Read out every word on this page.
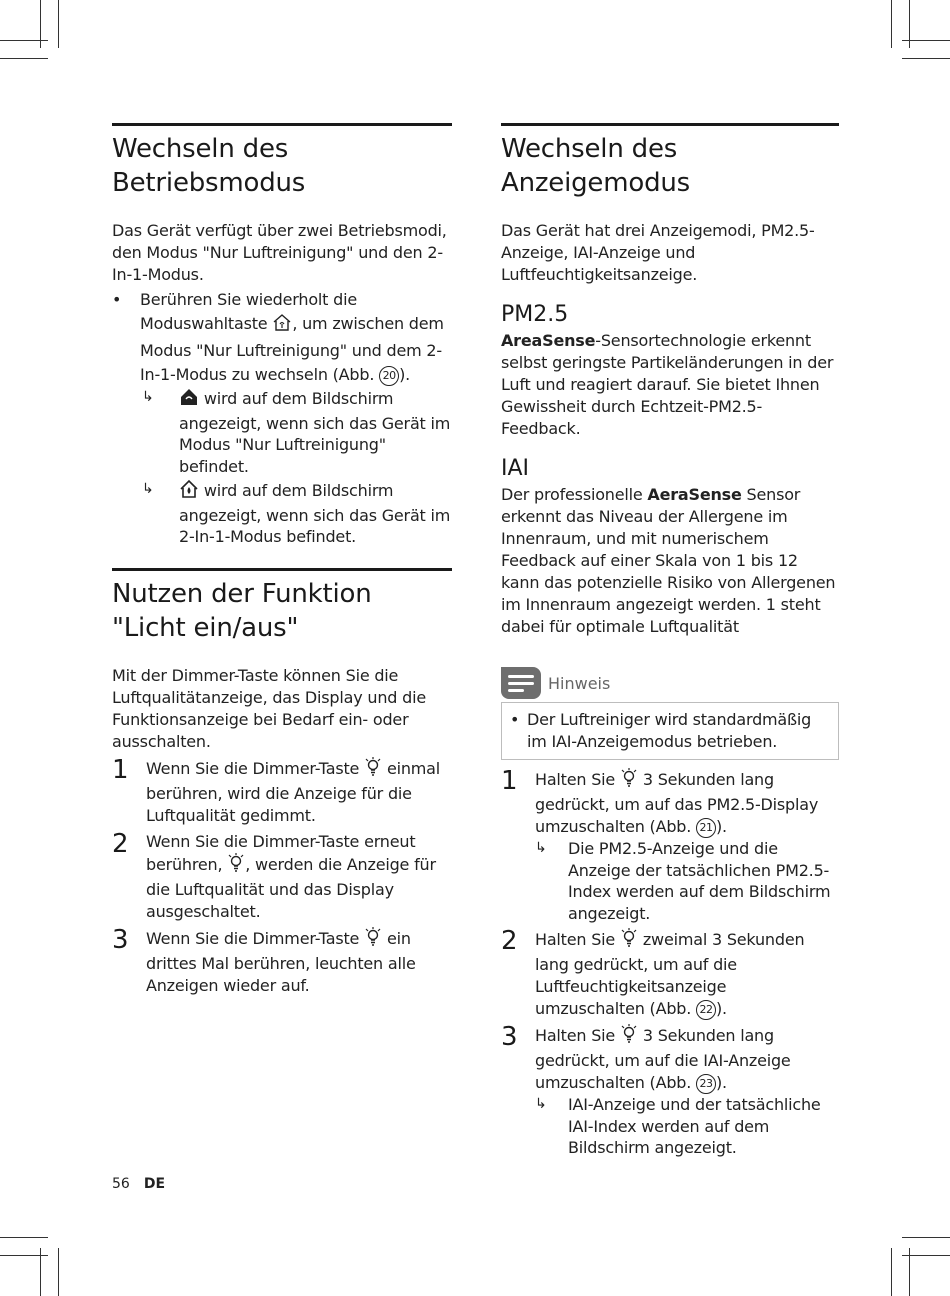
Wechseln des
Betriebsmodus

Das Gerät verfügt über zwei Betriebsmodi, den Modus "Nur Luftreinigung" und den 2-In-1-Modus.

•	Berühren Sie wiederholt die Moduswahltaste , um zwischen dem Modus "Nur Luftreinigung" und dem 2-In-1-Modus zu wechseln (Abb. 20 ).
↳	wird auf dem Bildschirm angezeigt, wenn sich das Gerät im Modus "Nur Luftreinigung" befindet.
↳	wird auf dem Bildschirm angezeigt, wenn sich das Gerät im 2-In-1-Modus befindet.
Nutzen der Funktion
"Licht ein/aus"

Mit der Dimmer-Taste können Sie die Luftqualitätanzeige, das Display und die Funktionsanzeige bei Bedarf ein- oder ausschalten.

1	Wenn Sie die Dimmer-Taste einmal berühren, wird die Anzeige für die Luftqualität gedimmt.
2	Wenn Sie die Dimmer-Taste erneut berühren, , werden die Anzeige für die Luftqualität und das Display ausgeschaltet.
3	Wenn Sie die Dimmer-Taste ein drittes Mal berühren, leuchten alle Anzeigen wieder auf.
Wechseln des
Anzeigemodus

Das Gerät hat drei Anzeigemodi, PM2.5-Anzeige, IAI-Anzeige und Luftfeuchtigkeitsanzeige.

PM2.5

AreaSense-Sensortechnologie erkennt selbst geringste Partikeländerungen in der Luft und reagiert darauf. Sie bietet Ihnen Gewissheit durch Echtzeit-PM2.5-Feedback.

IAI

Der professionelle AeraSense Sensor erkennt das Niveau der Allergene im Innenraum, und mit numerischem Feedback auf einer Skala von 1 bis 12 kann das potenzielle Risiko von Allergenen im Innenraum angezeigt werden. 1 steht dabei für optimale Luftqualität

Hinweis
• Der Luftreiniger wird standardmäßig im IAI-Anzeigemodus betrieben.
1	Halten Sie 3 Sekunden lang gedrückt, um auf das PM2.5-Display umzuschalten (Abb. 21 ).
↳	Die PM2.5-Anzeige und die Anzeige der tatsächlichen PM2.5-Index werden auf dem Bildschirm angezeigt.
2	Halten Sie zweimal 3 Sekunden lang gedrückt, um auf die Luftfeuchtigkeitsanzeige umzuschalten (Abb. 22 ).
3	Halten Sie 3 Sekunden lang gedrückt, um auf die IAI-Anzeige umzuschalten (Abb. 23 ).
↳	IAI-Anzeige und der tatsächliche IAI-Index werden auf dem Bildschirm angezeigt.
56 DE
